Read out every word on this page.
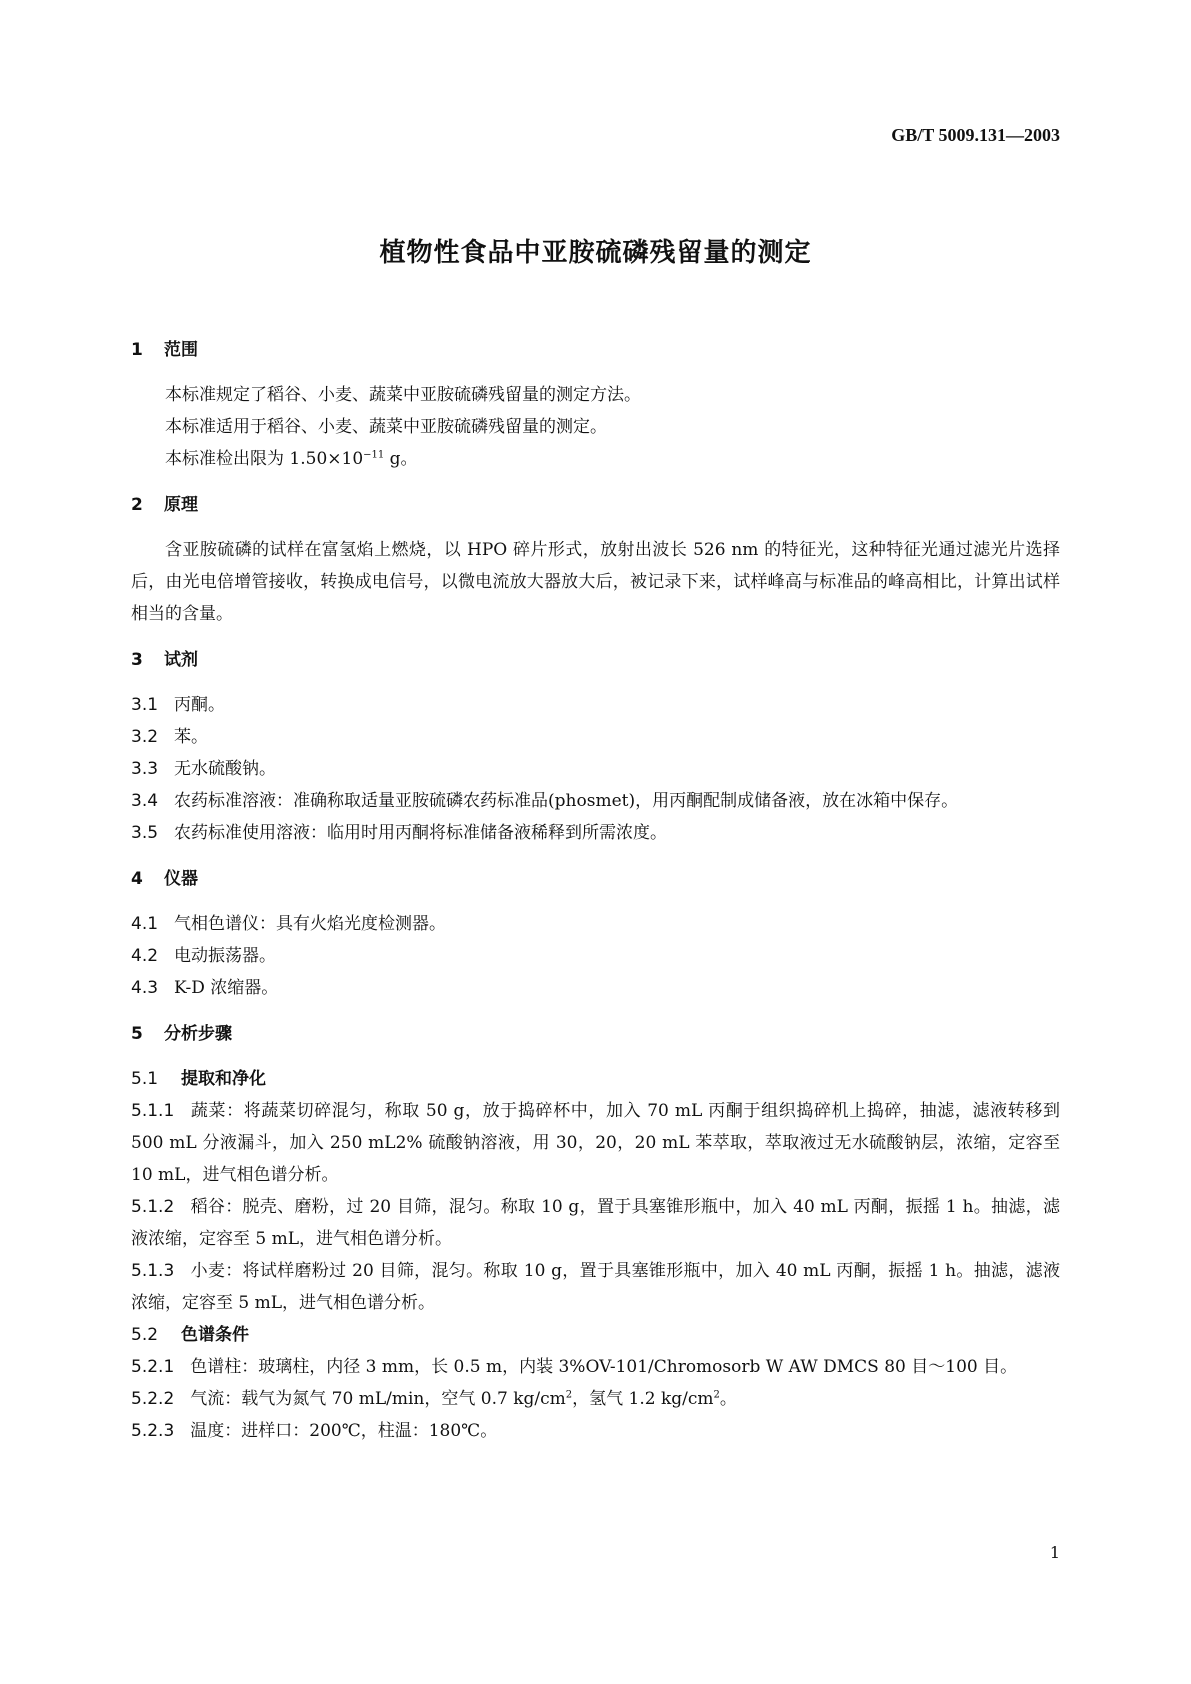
GB/T 5009.131—2003
植物性食品中亚胺硫磷残留量的测定
1 范围

本标准规定了稻谷、小麦、蔬菜中亚胺硫磷残留量的测定方法。

本标准适用于稻谷、小麦、蔬菜中亚胺硫磷残留量的测定。

本标准检出限为 $1.50\times 10^{-11}$ g。

2 原理

含亚胺硫磷的试样在富氢焰上燃烧，以 HPO 碎片形式，放射出波长 526 nm 的特征光，这种特征光通过滤光片选择后，由光电倍增管接收，转换成电信号，以微电流放大器放大后，被记录下来，试样峰高与标准品的峰高相比，计算出试样相当的含量。

3 试剂
3.1 丙酮。
3.2 苯。
3.3 无水硫酸钠。
3.4 农药标准溶液：准确称取适量亚胺硫磷农药标准品(phosmet)，用丙酮配制成储备液，放在冰箱中保存。
3.5 农药标准使用溶液：临用时用丙酮将标准储备液稀释到所需浓度。
4 仪器
4.1 气相色谱仪：具有火焰光度检测器。
4.2 电动振荡器。
4.3 K-D 浓缩器。
5 分析步骤
5.1 提取和净化
5.1.1 蔬菜：将蔬菜切碎混匀，称取 50 g，放于捣碎杯中，加入 70 mL 丙酮于组织捣碎机上捣碎，抽滤，滤液转移到 500 mL 分液漏斗，加入 250 mL2% 硫酸钠溶液，用 30，20，20 mL 苯萃取，萃取液过无水硫酸钠层，浓缩，定容至 10 mL，进气相色谱分析。
5.1.2 稻谷：脱壳、磨粉，过 20 目筛，混匀。称取 10 g，置于具塞锥形瓶中，加入 40 mL 丙酮，振摇 1 h。抽滤，滤液浓缩，定容至 5 mL，进气相色谱分析。
5.1.3 小麦：将试样磨粉过 20 目筛，混匀。称取 10 g，置于具塞锥形瓶中，加入 40 mL 丙酮，振摇 1 h。抽滤，滤液浓缩，定容至 5 mL，进气相色谱分析。
5.2 色谱条件
5.2.1 色谱柱：玻璃柱，内径 3 mm，长 0.5 m，内装 3%OV-101/Chromosorb W AW DMCS 80 目～100 目。
5.2.2 气流：载气为氮气 70 mL/min，空气 0.7 $kg/cm^2$，氢气 1.2 $kg/cm^2$。
5.2.3 温度：进样口：200℃，柱温：180℃。
1
